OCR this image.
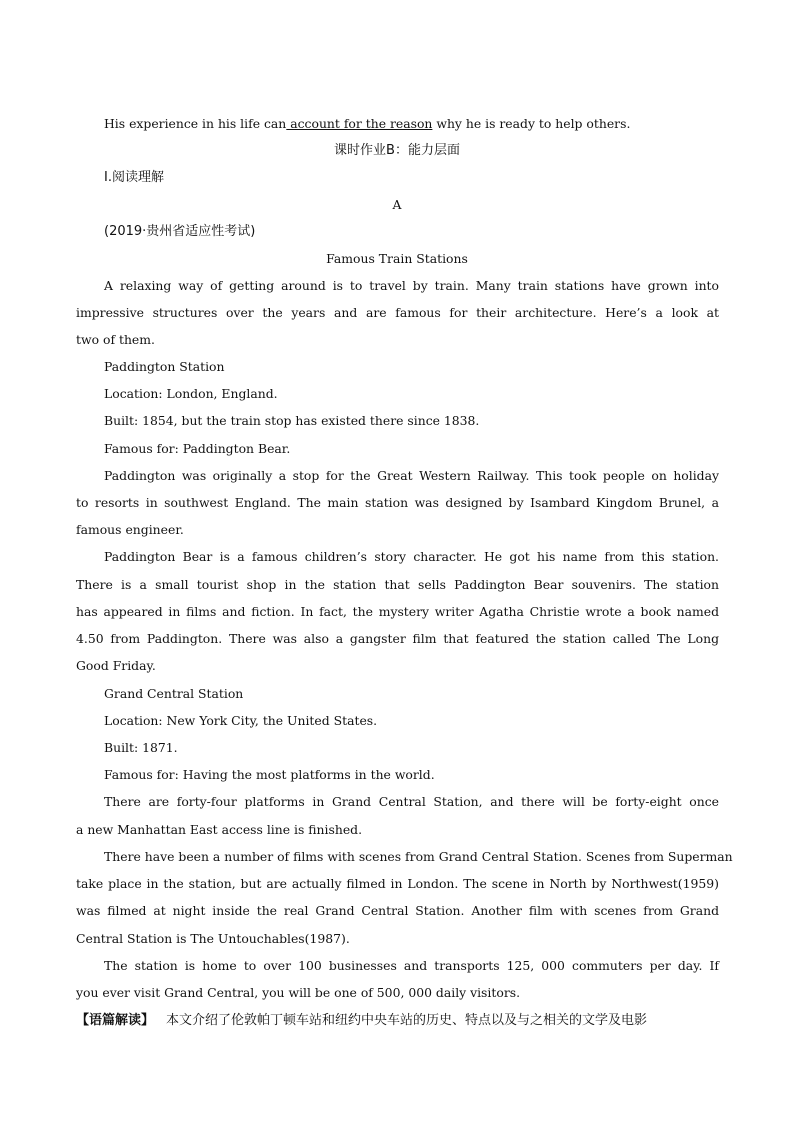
His experience in his life can account for the reason why he is ready to help others.
课时作业B：能力层面
Ⅰ.阅读理解
A
(2019·贵州省适应性考试)
Famous Train Stations
A relaxing way of getting around is to travel by train. Many train stations have grown into
impressive structures over the years and are famous for their architecture. Here’s a look at
two of them.
Paddington Station
Location: London, England.
Built: 1854, but the train stop has existed there since 1838.
Famous for: Paddington Bear.
Paddington was originally a stop for the Great Western Railway. This took people on holiday
to resorts in southwest England. The main station was designed by Isambard Kingdom Brunel, a
famous engineer.
Paddington Bear is a famous children’s story character. He got his name from this station.
There is a small tourist shop in the station that sells Paddington Bear souvenirs. The station
has appeared in films and fiction. In fact, the mystery writer Agatha Christie wrote a book named
4.50 from Paddington. There was also a gangster film that featured the station called The Long
Good Friday.
Grand Central Station
Location: New York City, the United States.
Built: 1871.
Famous for: Having the most platforms in the world.
There are forty-four platforms in Grand Central Station, and there will be forty-eight once
a new Manhattan East access line is finished.
There have been a number of films with scenes from Grand Central Station. Scenes from Superman
take place in the station, but are actually filmed in London. The scene in North by Northwest(1959)
was filmed at night inside the real Grand Central Station. Another film with scenes from Grand
Central Station is The Untouchables(1987).
The station is home to over 100 businesses and transports 125, 000 commuters per day. If
you ever visit Grand Central, you will be one of 500, 000 daily visitors.
【语篇解读】 本文介绍了伦敦帕丁顿车站和纽约中央车站的历史、特点以及与之相关的文学及电影
